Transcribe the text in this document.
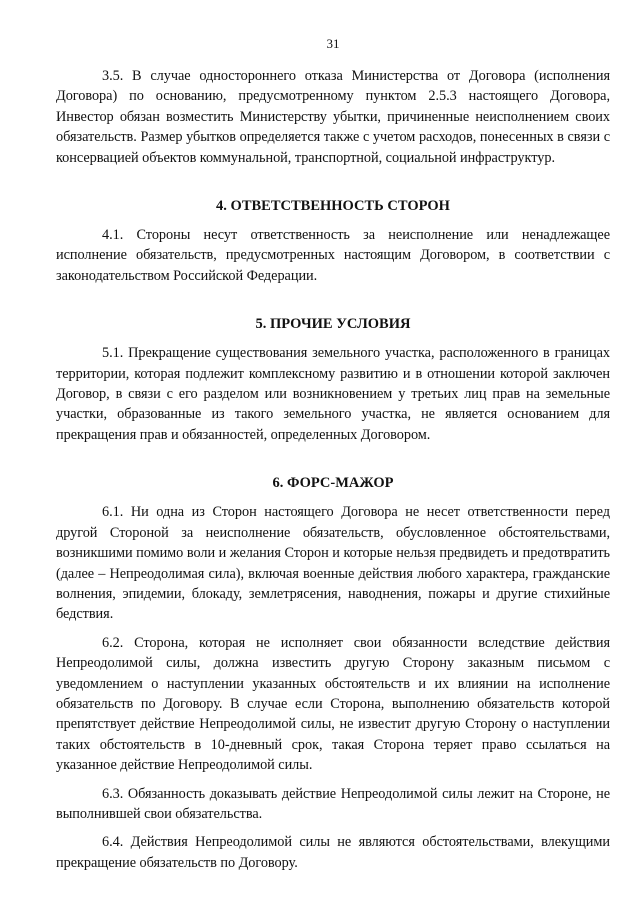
31

3.5. В случае одностороннего отказа Министерства от Договора (исполнения Договора) по основанию, предусмотренному пунктом 2.5.3 настоящего Договора, Инвестор обязан возместить Министерству убытки, причиненные неисполнением своих обязательств. Размер убытков определяется также с учетом расходов, понесенных в связи с консервацией объектов коммунальной, транспортной, социальной инфраструктур.

4. ОТВЕТСТВЕННОСТЬ СТОРОН

4.1. Стороны несут ответственность за неисполнение или ненадлежащее исполнение обязательств, предусмотренных настоящим Договором, в соответствии с законодательством Российской Федерации.

5. ПРОЧИЕ УСЛОВИЯ

5.1. Прекращение существования земельного участка, расположенного в границах территории, которая подлежит комплексному развитию и в отношении которой заключен Договор, в связи с его разделом или возникновением у третьих лиц прав на земельные участки, образованные из такого земельного участка, не является основанием для прекращения прав и обязанностей, определенных Договором.

6. ФОРС-МАЖОР

6.1. Ни одна из Сторон настоящего Договора не несет ответственности перед другой Стороной за неисполнение обязательств, обусловленное обстоятельствами, возникшими помимо воли и желания Сторон и которые нельзя предвидеть и предотвратить (далее – Непреодолимая сила), включая военные действия любого характера, гражданские волнения, эпидемии, блокаду, землетрясения, наводнения, пожары и другие стихийные бедствия.

6.2. Сторона, которая не исполняет свои обязанности вследствие действия Непреодолимой силы, должна известить другую Сторону заказным письмом с уведомлением о наступлении указанных обстоятельств и их влиянии на исполнение обязательств по Договору. В случае если Сторона, выполнению обязательств которой препятствует действие Непреодолимой силы, не известит другую Сторону о наступлении таких обстоятельств в 10-дневный срок, такая Сторона теряет право ссылаться на указанное действие Непреодолимой силы.

6.3. Обязанность доказывать действие Непреодолимой силы лежит на Стороне, не выполнившей свои обязательства.

6.4. Действия Непреодолимой силы не являются обстоятельствами, влекущими прекращение обязательств по Договору.
